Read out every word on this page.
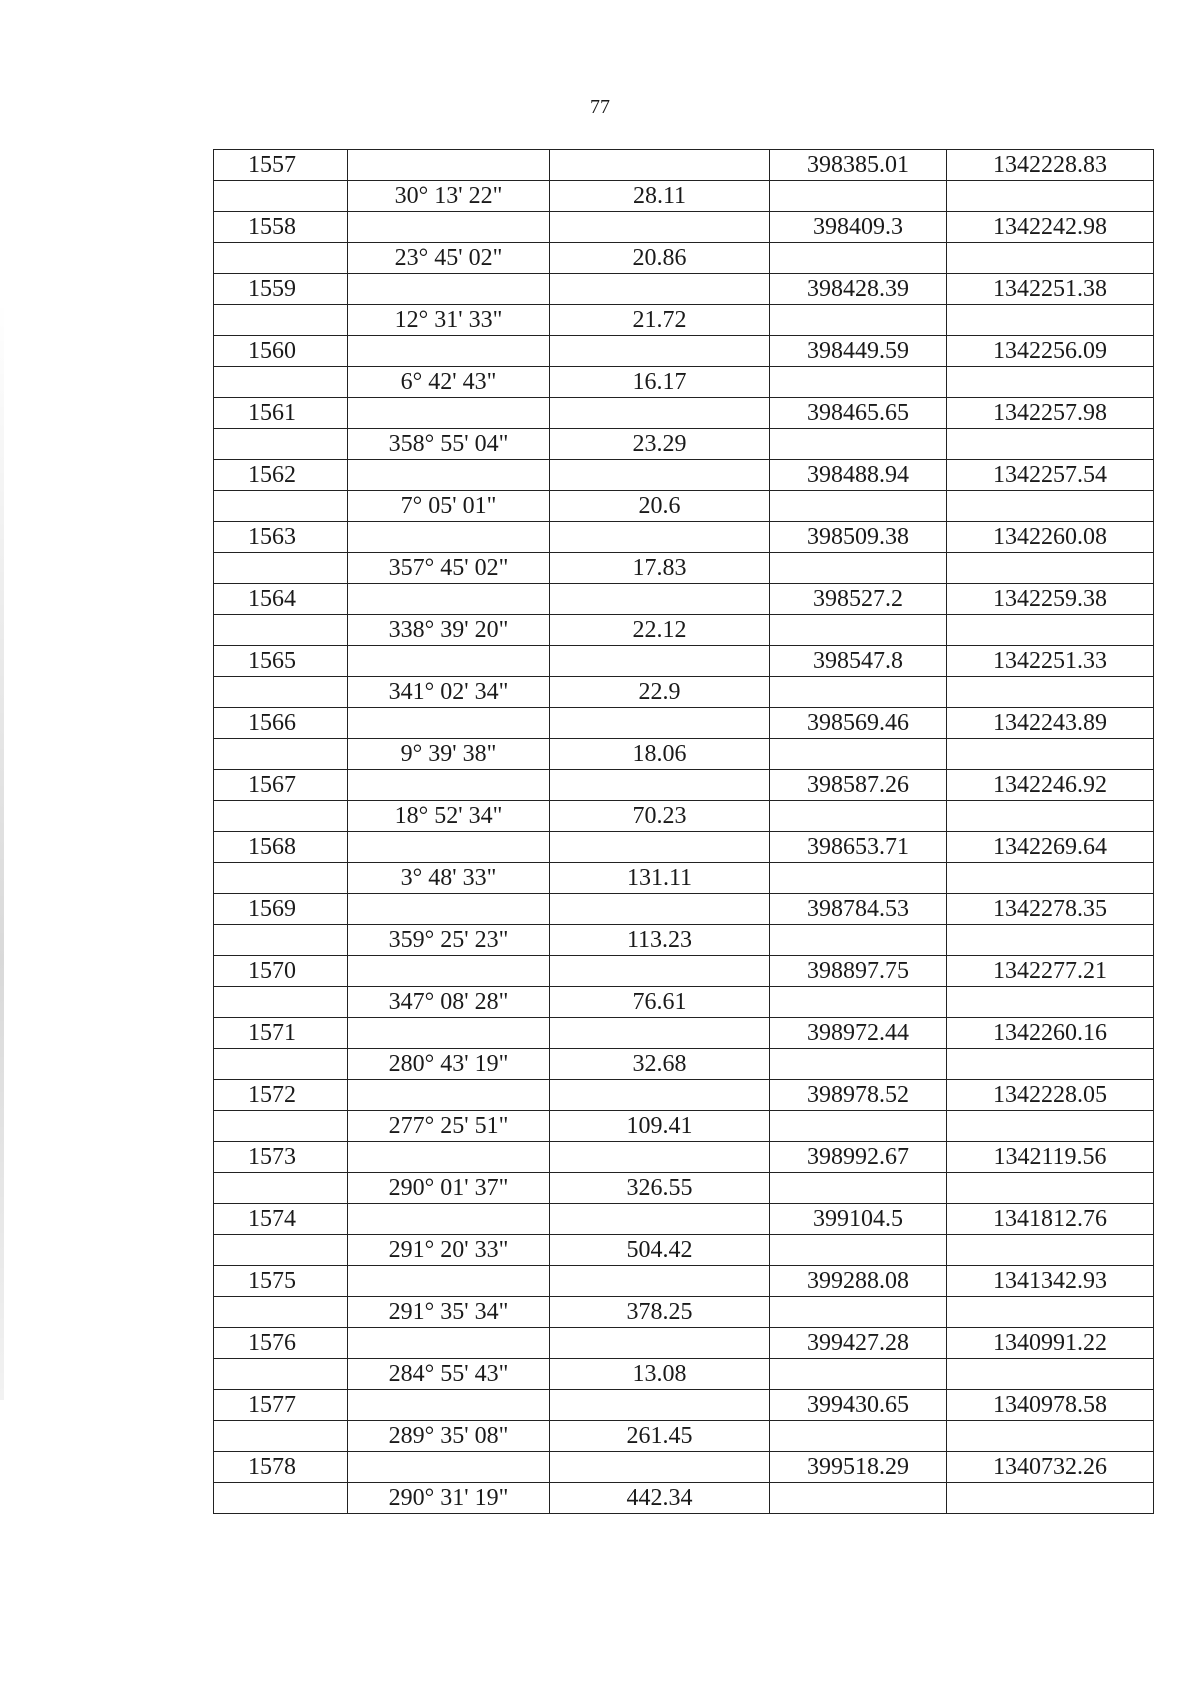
77
1557			398385.01	1342228.83
	30° 13' 22"	28.11		
1558			398409.3	1342242.98
	23° 45' 02"	20.86		
1559			398428.39	1342251.38
	12° 31' 33"	21.72		
1560			398449.59	1342256.09
	6° 42' 43"	16.17		
1561			398465.65	1342257.98
	358° 55' 04"	23.29		
1562			398488.94	1342257.54
	7° 05' 01"	20.6		
1563			398509.38	1342260.08
	357° 45' 02"	17.83		
1564			398527.2	1342259.38
	338° 39' 20"	22.12		
1565			398547.8	1342251.33
	341° 02' 34"	22.9		
1566			398569.46	1342243.89
	9° 39' 38"	18.06		
1567			398587.26	1342246.92
	18° 52' 34"	70.23		
1568			398653.71	1342269.64
	3° 48' 33"	131.11		
1569			398784.53	1342278.35
	359° 25' 23"	113.23		
1570			398897.75	1342277.21
	347° 08' 28"	76.61		
1571			398972.44	1342260.16
	280° 43' 19"	32.68		
1572			398978.52	1342228.05
	277° 25' 51"	109.41		
1573			398992.67	1342119.56
	290° 01' 37"	326.55		
1574			399104.5	1341812.76
	291° 20' 33"	504.42		
1575			399288.08	1341342.93
	291° 35' 34"	378.25		
1576			399427.28	1340991.22
	284° 55' 43"	13.08		
1577			399430.65	1340978.58
	289° 35' 08"	261.45		
1578			399518.29	1340732.26
	290° 31' 19"	442.34		
